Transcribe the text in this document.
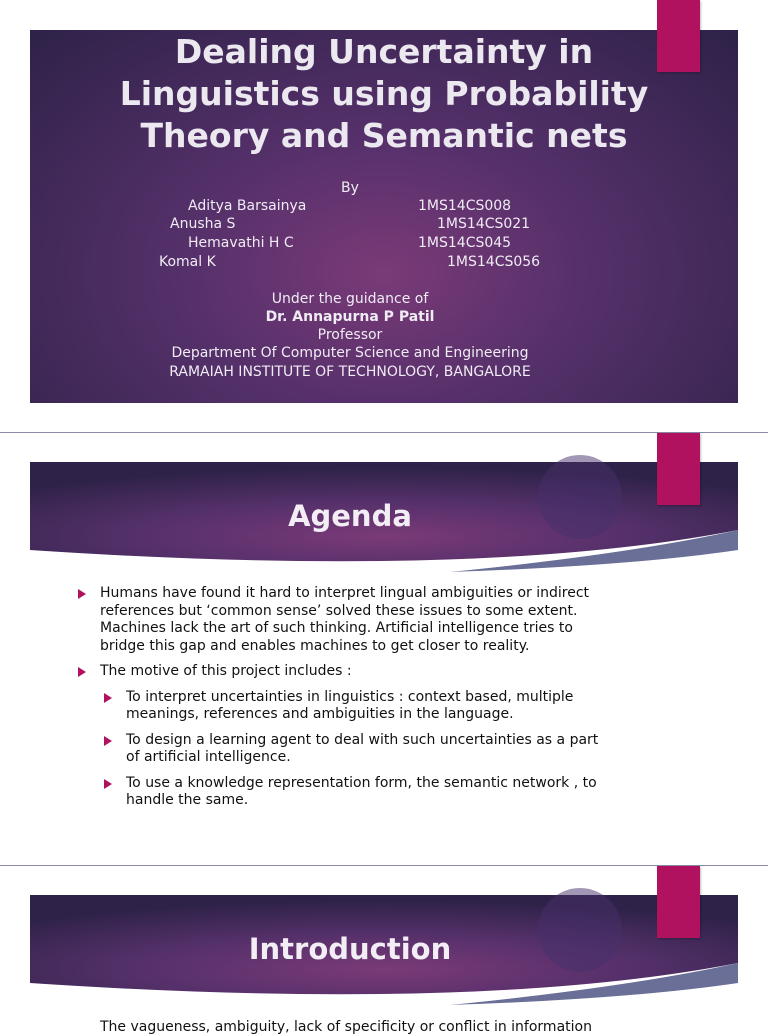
Dealing Uncertainty in
Linguistics using Probability
Theory and Semantic nets
By
Aditya Barsainya	1MS14CS008
Anusha S	1MS14CS021
Hemavathi H C	1MS14CS045
Komal K	1MS14CS056
Under the guidance of
Dr. Annapurna P Patil
Professor
Department Of Computer Science and Engineering
RAMAIAH INSTITUTE OF TECHNOLOGY, BANGALORE
Agenda
Humans have found it hard to interpret lingual ambiguities or indirect
references but ‘common sense’ solved these issues to some extent.
Machines lack the art of such thinking. Artificial intelligence tries to
bridge this gap and enables machines to get closer to reality.
The motive of this project includes :
To interpret uncertainties in linguistics : context based, multiple
meanings, references and ambiguities in the language.
To design a learning agent to deal with such uncertainties as a part
of artificial intelligence.
To use a knowledge representation form, the semantic network , to
handle the same.
Introduction
The vagueness, ambiguity, lack of specificity or conflict in information
